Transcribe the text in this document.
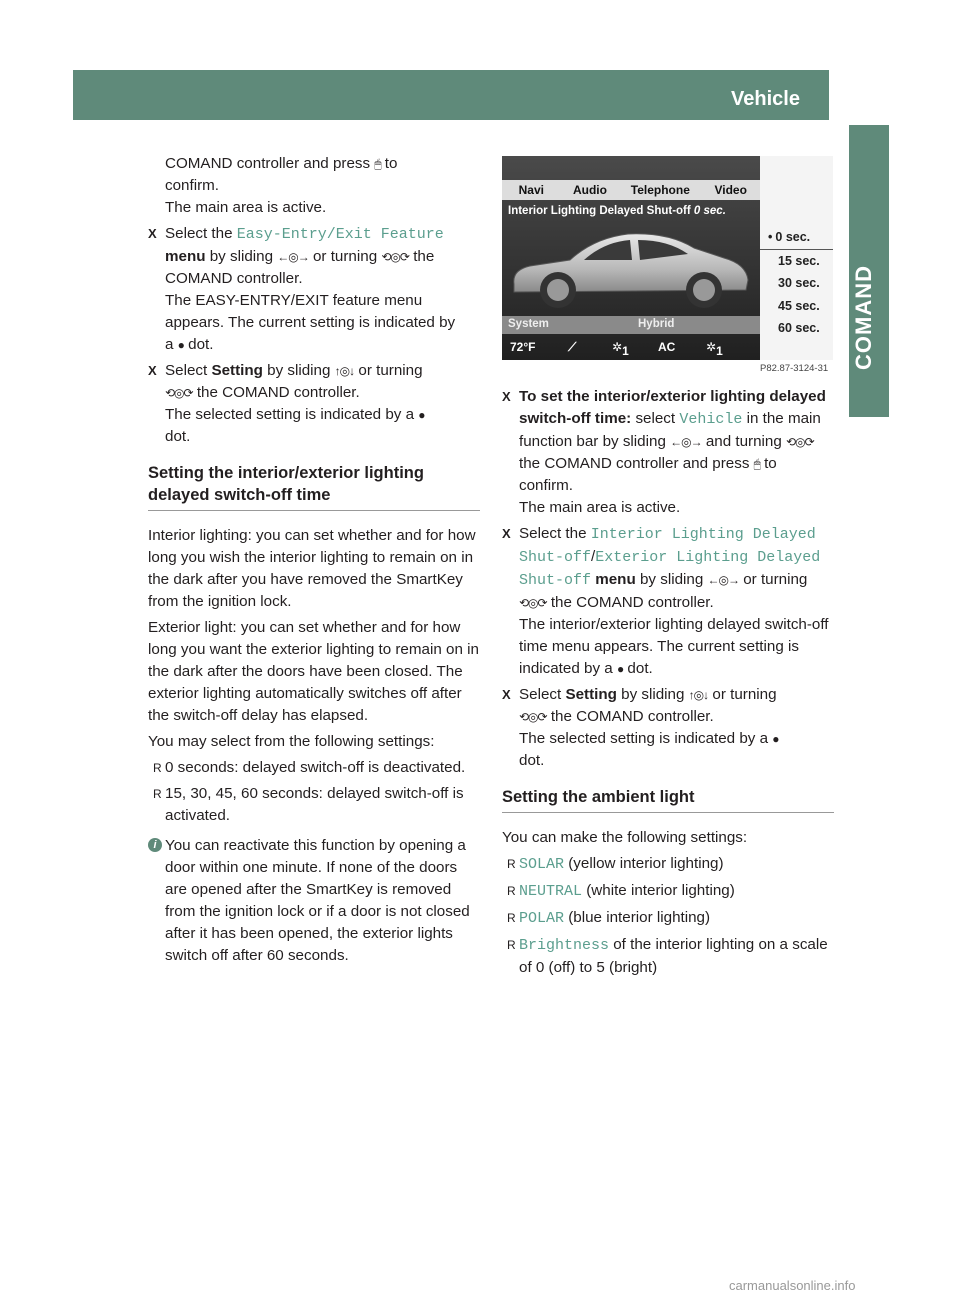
Vehicle	263
COMAND

COMAND controller and press 🖱 to
confirm.
The main area is active.

X Select the Easy-Entry/Exit Feature
menu by sliding ←◎→ or turning ⟲◎⟳ the
COMAND controller.
The EASY-ENTRY/EXIT feature menu
appears. The current setting is indicated by
a ● dot.
X Select Setting by sliding ↑◎↓ or turning
⟲◎⟳ the COMAND controller.
The selected setting is indicated by a ●
dot.
Setting the interior/exterior lighting
delayed switch-off time

Interior lighting: you can set whether and for how long you wish the interior lighting to remain on in the dark after you have removed the SmartKey from the ignition lock.

Exterior light: you can set whether and for how long you want the exterior lighting to remain on in the dark after the doors have been closed. The exterior lighting automatically switches off after the switch-off delay has elapsed.

You may select from the following settings:

R 0 seconds: delayed switch-off is deactivated.
R 15, 30, 45, 60 seconds: delayed switch-off is activated.
i You can reactivate this function by opening a door within one minute. If none of the doors are opened after the SmartKey is removed from the ignition lock or if a door is not closed after it has been opened, the exterior lights switch off after 60 seconds.
Navi	Audio	Telephone	Video
Interior Lighting Delayed Shut-off 0 sec.
System	Hybrid
72°F	⟋	✲ 1 AC	✲ 1
• 0 sec.
15 sec.
30 sec.
45 sec.
60 sec.
P82.87-3124-31
X To set the interior/exterior lighting delayed switch-off time: select Vehicle in the main function bar by sliding ←◎→ and turning ⟲◎⟳ the COMAND controller and press 🖱 to confirm.
The main area is active.
X Select the Interior Lighting Delayed Shut-off/Exterior Lighting Delayed Shut-off menu by sliding ←◎→ or turning ⟲◎⟳ the COMAND controller.
The interior/exterior lighting delayed switch-off time menu appears. The current setting is indicated by a ● dot.
X Select Setting by sliding ↑◎↓ or turning
⟲◎⟳ the COMAND controller.
The selected setting is indicated by a ●
dot.
Setting the ambient light

You can make the following settings:

R SOLAR (yellow interior lighting)
R NEUTRAL (white interior lighting)
R POLAR (blue interior lighting)
R Brightness of the interior lighting on a scale of 0 (off) to 5 (bright)
carmanualsonline.info
